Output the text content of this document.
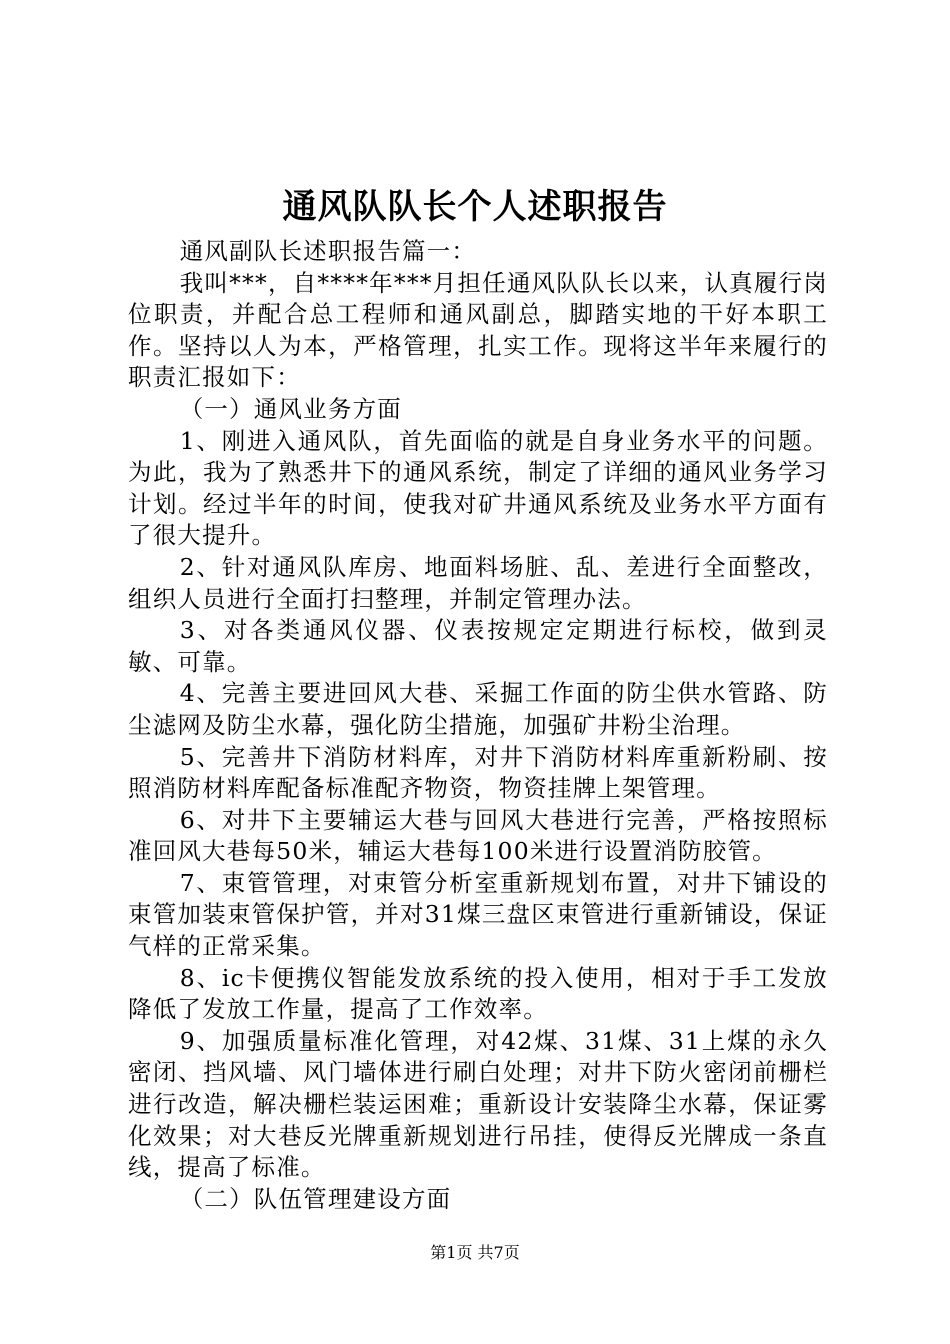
通风队队长个人述职报告

通风副队长述职报告篇一：

我叫***，自****年***月担任通风队队长以来，认真履行岗位职责，并配合总工程师和通风副总，脚踏实地的干好本职工作。坚持以人为本，严格管理，扎实工作。现将这半年来履行的职责汇报如下：

（一）通风业务方面

1、刚进入通风队，首先面临的就是自身业务水平的问题。为此，我为了熟悉井下的通风系统，制定了详细的通风业务学习计划。经过半年的时间，使我对矿井通风系统及业务水平方面有了很大提升。

2、针对通风队库房、地面料场脏、乱、差进行全面整改，组织人员进行全面打扫整理，并制定管理办法。

3、对各类通风仪器、仪表按规定定期进行标校，做到灵敏、可靠。

4、完善主要进回风大巷、采掘工作面的防尘供水管路、防尘滤网及防尘水幕，强化防尘措施，加强矿井粉尘治理。

5、完善井下消防材料库，对井下消防材料库重新粉刷、按照消防材料库配备标准配齐物资，物资挂牌上架管理。

6、对井下主要辅运大巷与回风大巷进行完善，严格按照标准回风大巷每50米，辅运大巷每100米进行设置消防胶管。

7、束管管理，对束管分析室重新规划布置，对井下铺设的束管加装束管保护管，并对31煤三盘区束管进行重新铺设，保证气样的正常采集。

8、ic卡便携仪智能发放系统的投入使用，相对于手工发放降低了发放工作量，提高了工作效率。

9、加强质量标准化管理，对42煤、31煤、31上煤的永久密闭、挡风墙、风门墙体进行刷白处理；对井下防火密闭前栅栏进行改造，解决栅栏装运困难；重新设计安装降尘水幕，保证雾化效果；对大巷反光牌重新规划进行吊挂，使得反光牌成一条直线，提高了标准。

（二）队伍管理建设方面

第1页 共7页
